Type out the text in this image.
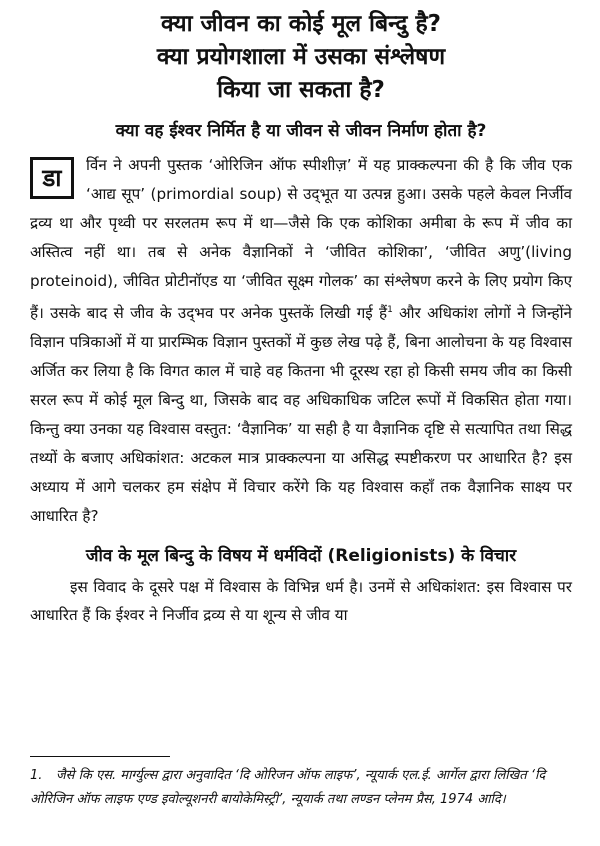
क्या जीवन का कोई मूल बिन्दु है?

क्या प्रयोगशाला में उसका संश्लेषण

किया जा सकता है?

क्या वह ईश्वर निर्मित है या जीवन से जीवन निर्माण होता है?

डा	र्विन ने अपनी पुस्तक ‘ओरिजिन ऑफ स्पीशीज़’ में यह प्राक्कल्पना की है कि जीव एक ‘आद्य सूप’ (primordial soup) से उद्‍भूत या उत्पन्न हुआ। उसके पहले केवल निर्जीव द्रव्य था और पृथ्वी पर सरलतम रूप में था—जैसे कि एक कोशिका अमीबा के रूप में जीव का अस्तित्व नहीं था। तब से अनेक वैज्ञानिकों ने ‘जीवित कोशिका’, ‘जीवित अणु’(living proteinoid), जीवित प्रोटीनॉएड या ‘जीवित सूक्ष्म गोलक’ का संश्लेषण करने के लिए प्रयोग किए हैं। उसके बाद से जीव के उद्‍भव पर अनेक पुस्तकें लिखी गई हैं$^1$ और अधिकांश लोगों ने जिन्होंने विज्ञान पत्रिकाओं में या प्रारम्भिक विज्ञान पुस्तकों में कुछ लेख पढ़े हैं, बिना आलोचना के यह विश्वास अर्जित कर लिया है कि विगत काल में चाहे वह कितना भी दूरस्थ रहा हो किसी समय जीव का किसी सरल रूप में कोई मूल बिन्दु था, जिसके बाद वह अधिकाधिक जटिल रूपों में विकसित होता गया। किन्तु क्या उनका यह विश्वास वस्तुत: ‘वैज्ञानिक’ या सही है या वैज्ञानिक दृष्टि से सत्यापित तथा सिद्ध तथ्यों के बजाए अधिकांशत: अटकल मात्र प्राक्कल्पना या असिद्ध स्पष्टीकरण पर आधारित है? इस अध्याय में आगे चलकर हम संक्षेप में विचार करेंगे कि यह विश्वास कहाँ तक वैज्ञानिक साक्ष्य पर आधारित है?

जीव के मूल बिन्दु के विषय में धर्मविदों (Religionists) के विचार

इस विवाद के दूसरे पक्ष में विश्वास के विभिन्न धर्म है। उनमें से अधिकांशत: इस विश्वास पर आधारित हैं कि ईश्वर ने निर्जीव द्रव्य से या शून्य से जीव या

1. जैसे कि एस. मार्ग्युल्स द्वारा अनुवादित ‘दि ओरिजन ऑफ लाइफ’, न्यूयार्क एल.ई. आर्गेल द्वारा लिखित ‘दि ओरिजिन ऑफ लाइफ एण्ड इवोल्यूशनरी बायोकेमिस्ट्री’, न्यूयार्क तथा लण्डन प्लेनम प्रैस, 1974 आदि।
